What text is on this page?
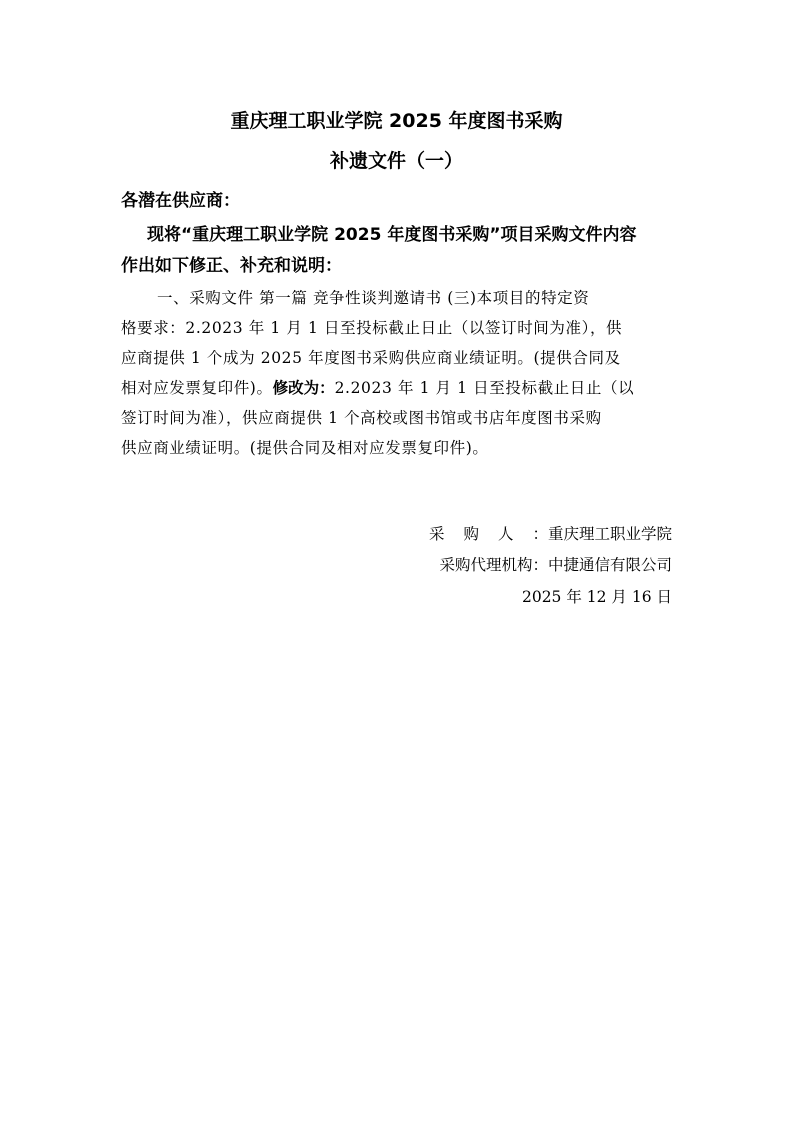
重庆理工职业学院 2025 年度图书采购
补遗文件（一）
各潜在供应商：
现将“重庆理工职业学院 2025 年度图书采购”项目采购文件内容
作出如下修正、补充和说明：
一、采购文件 第一篇 竞争性谈判邀请书 (三)本项目的特定资
格要求：2.2023 年 1 月 1 日至投标截止日止（以签订时间为准），供
应商提供 1 个成为 2025 年度图书采购供应商业绩证明。(提供合同及
相对应发票复印件)。修改为：2.2023 年 1 月 1 日至投标截止日止（以
签订时间为准），供应商提供 1 个高校或图书馆或书店年度图书采购
供应商业绩证明。(提供合同及相对应发票复印件)。
采购人：重庆理工职业学院
采购代理机构：中捷通信有限公司
2025 年 12 月 16 日
